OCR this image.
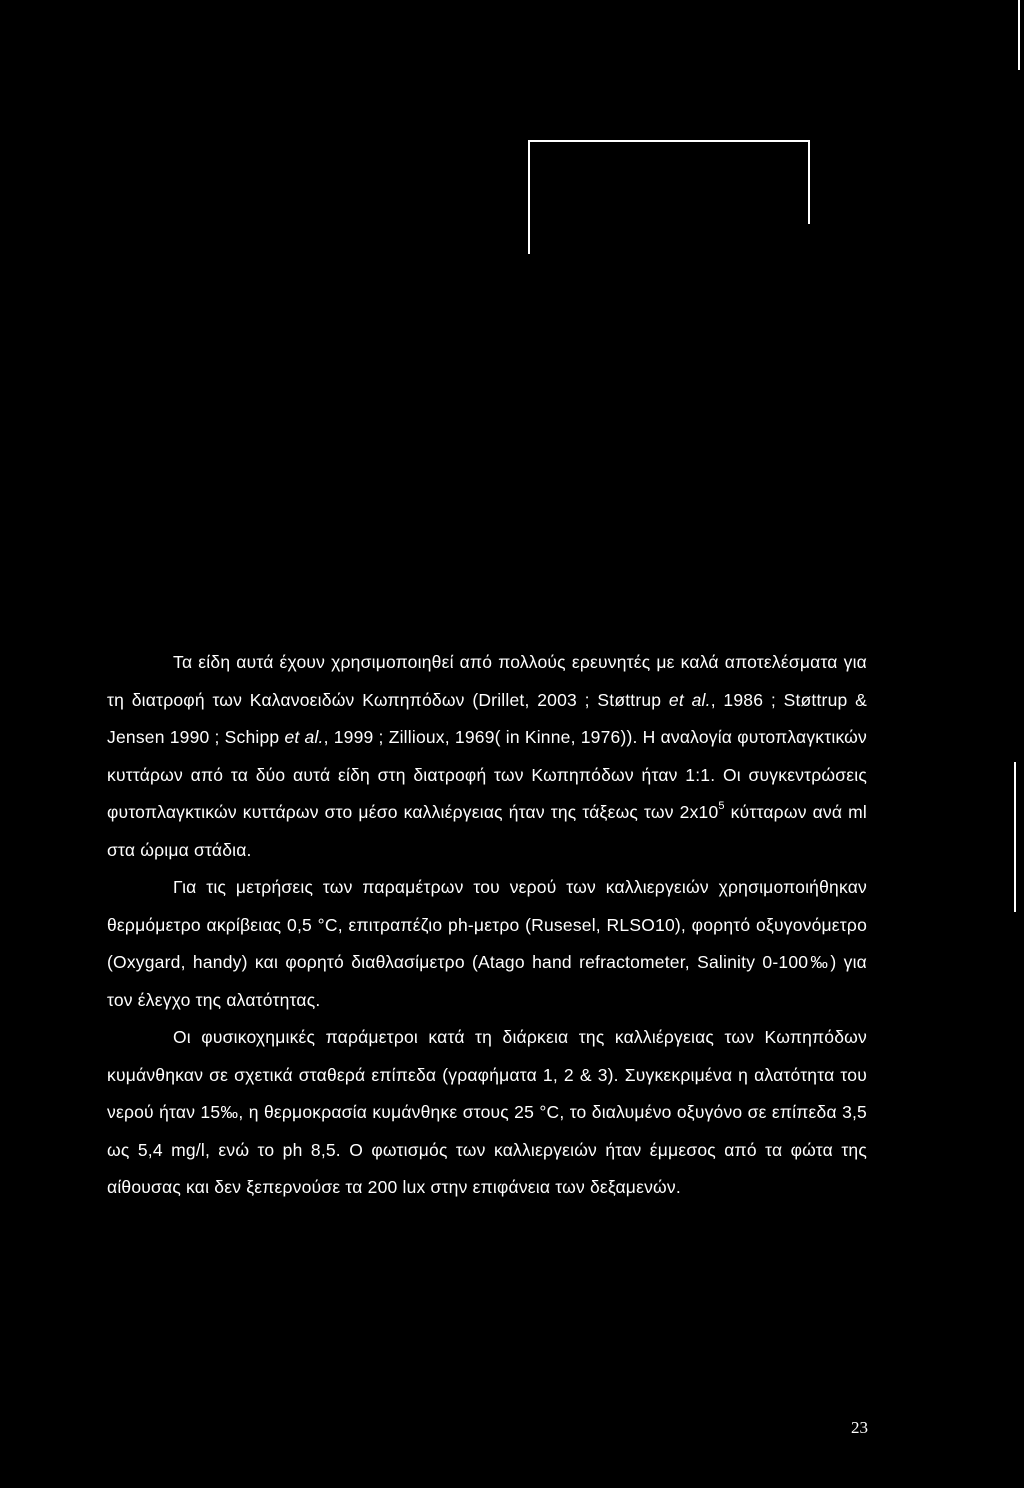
Τα είδη αυτά έχουν χρησιμοποιηθεί από πολλούς ερευνητές με καλά αποτελέσματα για τη διατροφή των Καλανοειδών Κωπηπόδων (Drillet, 2003 ; Støttrup et al., 1986 ; Støttrup & Jensen 1990 ; Schipp et al., 1999 ; Zillioux, 1969( in Kinne, 1976)). Η αναλογία φυτοπλαγκτικών κυττάρων από τα δύο αυτά είδη στη διατροφή των Κωπηπόδων ήταν 1:1. Οι συγκεντρώσεις φυτοπλαγκτικών κυττάρων στο μέσο καλλιέργειας ήταν της τάξεως των $2x10^5$ κύτταρων ανά ml στα ώριμα στάδια.

Για τις μετρήσεις των παραμέτρων του νερού των καλλιεργειών χρησιμοποιήθηκαν θερμόμετρο ακρίβειας 0,5 °C, επιτραπέζιο ph-μετρο (Rusesel, RLSO10), φορητό οξυγονόμετρο (Oxygard, handy) και φορητό διαθλασίμετρο (Atago hand refractometer, Salinity 0-100‰) για τον έλεγχο της αλατότητας.

Οι φυσικοχημικές παράμετροι κατά τη διάρκεια της καλλιέργειας των Κωπηπόδων κυμάνθηκαν σε σχετικά σταθερά επίπεδα (γραφήματα 1, 2 & 3). Συγκεκριμένα η αλατότητα του νερού ήταν 15‰, η θερμοκρασία κυμάνθηκε στους 25 °C, το διαλυμένο οξυγόνο σε επίπεδα 3,5 ως 5,4 mg/l, ενώ το ph 8,5. Ο φωτισμός των καλλιεργειών ήταν έμμεσος από τα φώτα της αίθουσας και δεν ξεπερνούσε τα 200 lux στην επιφάνεια των δεξαμενών.

23
